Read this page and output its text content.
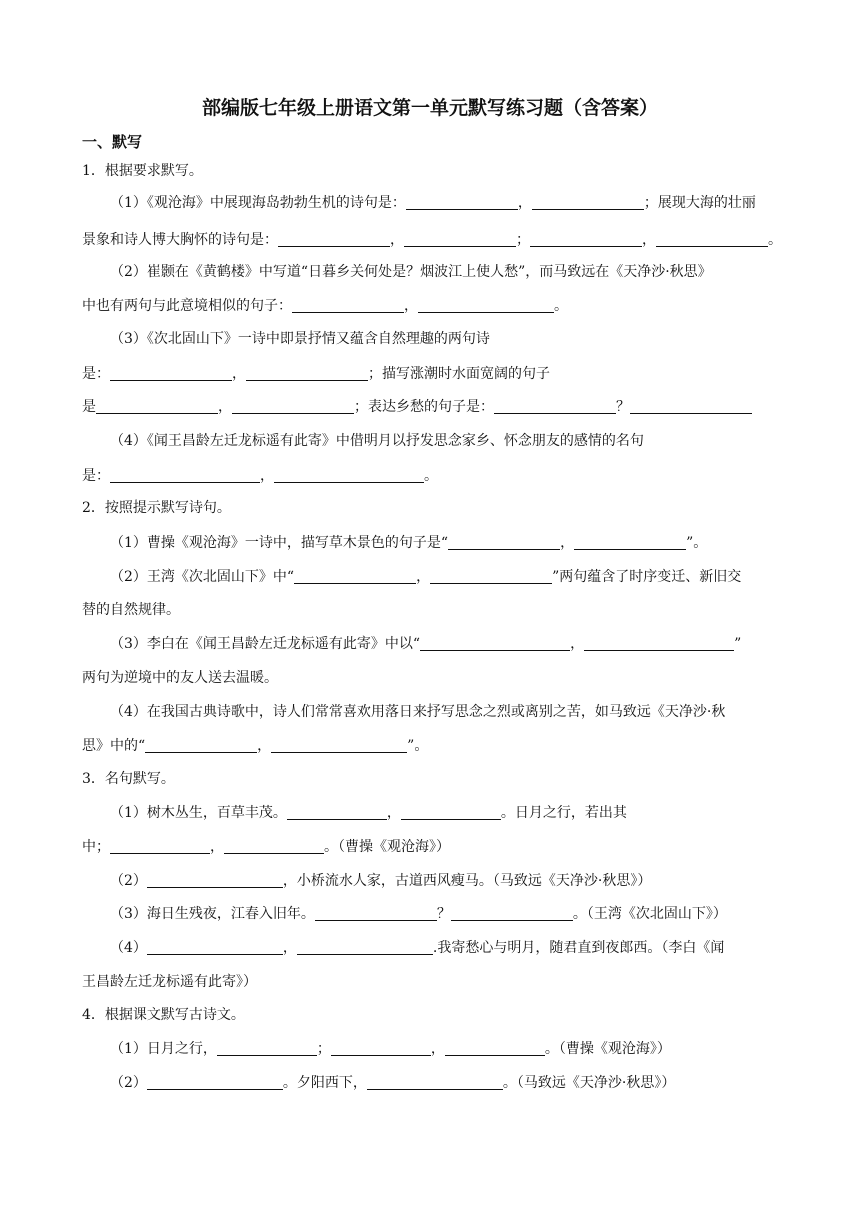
部编版七年级上册语文第一单元默写练习题（含答案）
一、默写
1．根据要求默写。
（1）《观沧海》中展现海岛勃勃生机的诗句是：	，	；展现大海的壮丽
景象和诗人博大胸怀的诗句是：	，	；	，	。
（2）崔颢在《黄鹤楼》中写道“日暮乡关何处是？烟波江上使人愁”，而马致远在《天净沙·秋思》
中也有两句与此意境相似的句子：	，	。
（3）《次北固山下》一诗中即景抒情又蕴含自然理趣的两句诗
是：	，	；描写涨潮时水面宽阔的句子
是	，	；表达乡愁的句子是：	？
（4）《闻王昌龄左迁龙标遥有此寄》中借明月以抒发思念家乡、怀念朋友的感情的名句
是：	，	。
2．按照提示默写诗句。
（1）曹操《观沧海》一诗中，描写草木景色的句子是“	，	”。
（2）王湾《次北固山下》中“	，	”两句蕴含了时序变迁、新旧交
替的自然规律。
（3）李白在《闻王昌龄左迁龙标遥有此寄》中以“	，	”
两句为逆境中的友人送去温暖。
（4）在我国古典诗歌中，诗人们常常喜欢用落日来抒写思念之烈或离别之苦，如马致远《天净沙·秋
思》中的“	，	”。
3．名句默写。
（1）树木丛生，百草丰茂。	，	。日月之行，若出其
中；	，	。（曹操《观沧海》）
（2）	，小桥流水人家，古道西风瘦马。（马致远《天净沙·秋思》）
（3）海日生残夜，江春入旧年。	？	。（王湾《次北固山下》）
（4）	，	.我寄愁心与明月，随君直到夜郎西。（李白《闻
王昌龄左迁龙标遥有此寄》）
4．根据课文默写古诗文。
（1）日月之行，	；	，	。（曹操《观沧海》）
（2）	。夕阳西下，	。（马致远《天净沙·秋思》）
